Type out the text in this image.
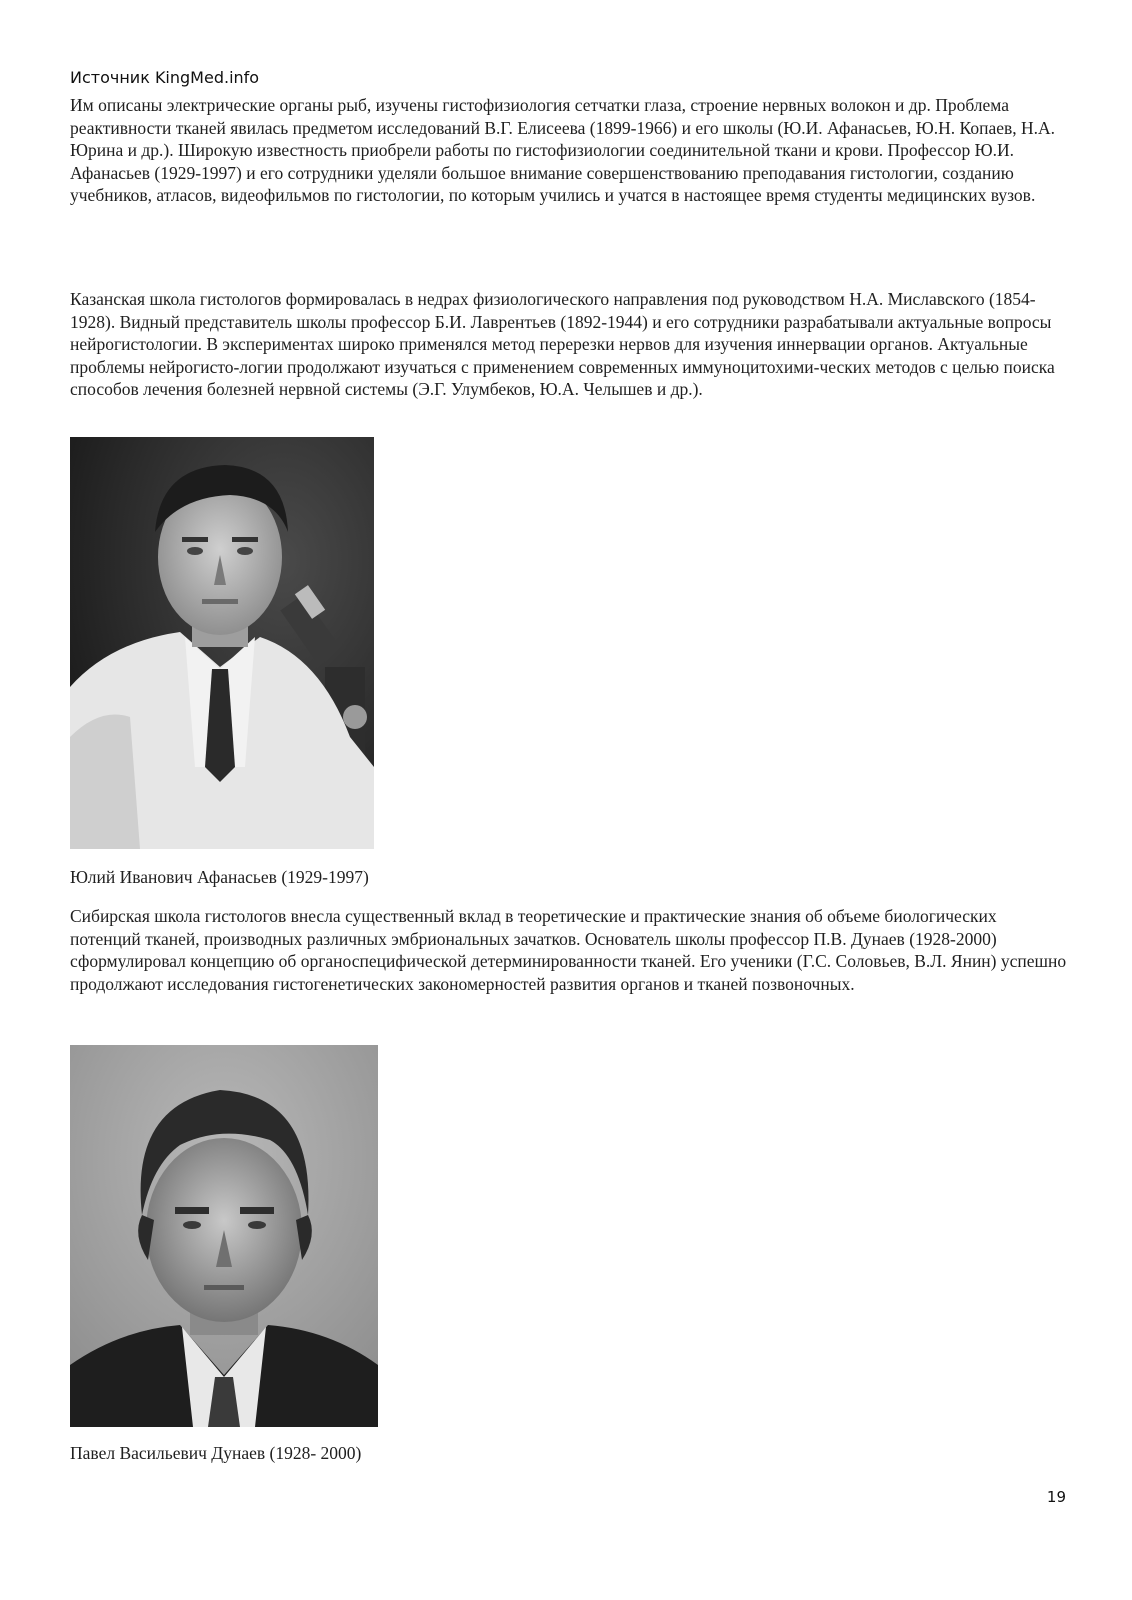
Источник KingMed.info

Им описаны электрические органы рыб, изучены гистофизиология сетчатки глаза, строение нервных волокон и др. Проблема реактивности тканей явилась предметом исследований В.Г. Елисеева (1899-1966) и его школы (Ю.И. Афанасьев, Ю.Н. Копаев, Н.А. Юрина и др.). Широкую известность приобрели работы по гистофизиологии соединительной ткани и крови. Профессор Ю.И. Афанасьев (1929-1997) и его сотрудники уделяли большое внимание совершенствованию преподавания гистологии, созданию учебников, атласов, видеофильмов по гистологии, по которым учились и учатся в настоящее время студенты медицинских вузов.

Казанская школа гистологов формировалась в недрах физиологического направления под руководством Н.А. Миславского (1854-1928). Видный представитель школы профессор Б.И. Лаврентьев (1892-1944) и его сотрудники разрабатывали актуальные вопросы нейрогистологии. В экспериментах широко применялся метод перерезки нервов для изучения иннервации органов. Актуальные проблемы нейрогисто-логии продолжают изучаться с применением современных иммуноцитохими-ческих методов с целью поиска способов лечения болезней нервной системы (Э.Г. Улумбеков, Ю.А. Челышев и др.).

Юлий Иванович Афанасьев (1929-1997)

Сибирская школа гистологов внесла существенный вклад в теоретические и практические знания об объеме биологических потенций тканей, производных различных эмбриональных зачатков. Основатель школы профессор П.В. Дунаев (1928-2000) сформулировал концепцию об органоспецифической детерминированности тканей. Его ученики (Г.С. Соловьев, В.Л. Янин) успешно продолжают исследования гистогенетических закономерностей развития органов и тканей позвоночных.

Павел Васильевич Дунаев (1928- 2000)
19
